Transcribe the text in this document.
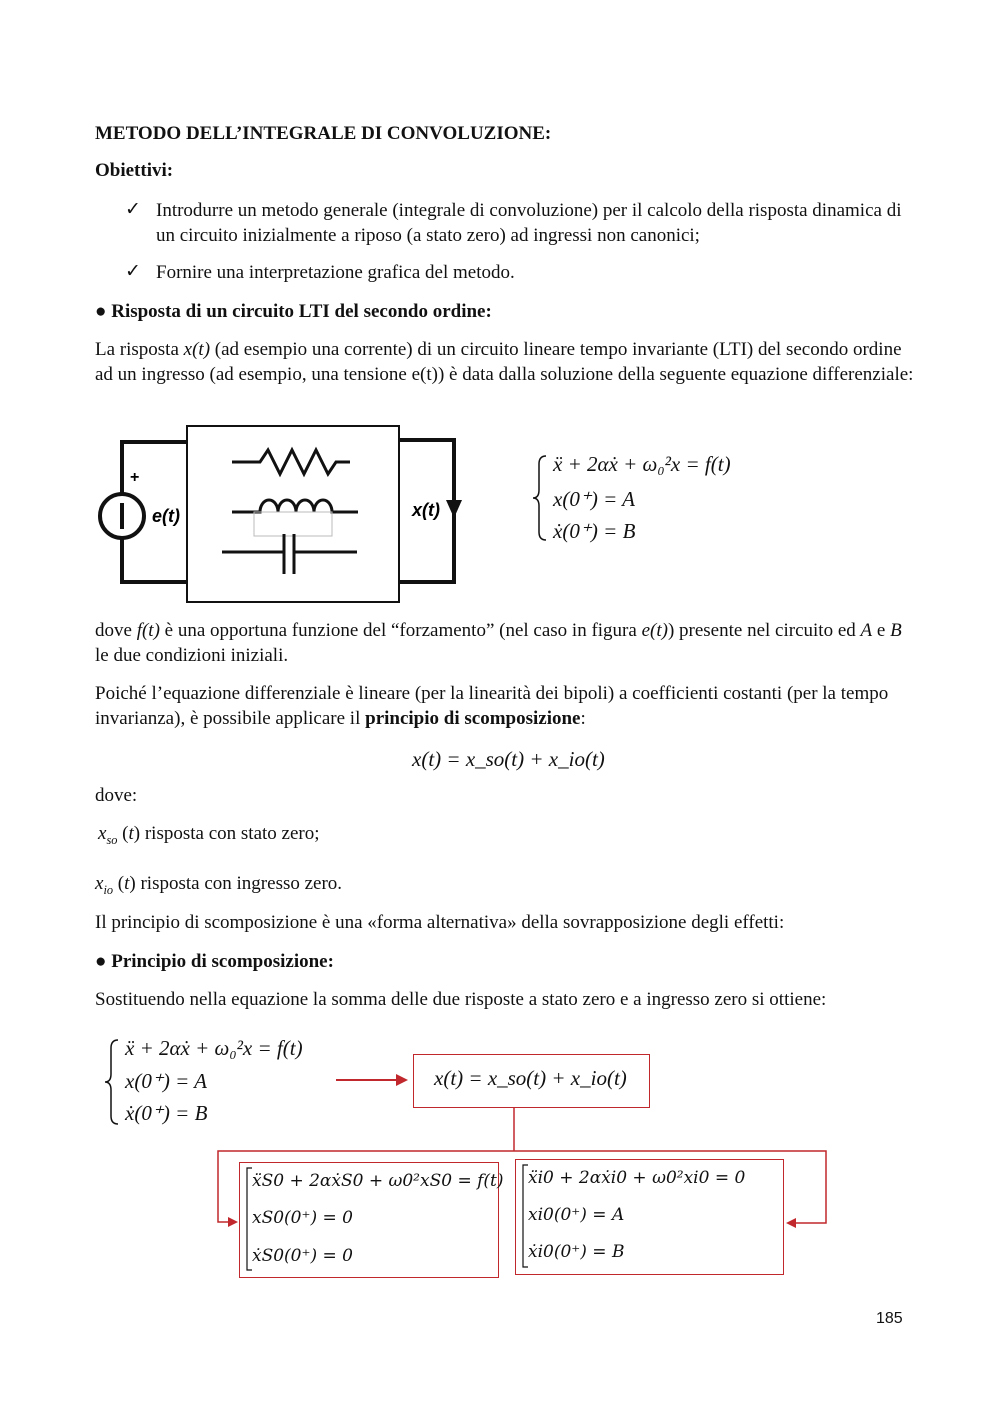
METODO DELL’INTEGRALE DI CONVOLUZIONE:
Obiettivi:
✓ Introdurre un metodo generale (integrale di convoluzione) per il calcolo della risposta dinamica di un circuito inizialmente a riposo (a stato zero) ad ingressi non canonici;
✓ Fornire una interpretazione grafica del metodo.
● Risposta di un circuito LTI del secondo ordine:
La risposta x(t) (ad esempio una corrente) di un circuito lineare tempo invariante (LTI) del secondo ordine ad un ingresso (ad esempio, una tensione e(t)) è data dalla soluzione della seguente equazione differenziale:
+
e(t)	x(t)
ẍ + 2αẋ + ω₀²x = f(t)
x(0⁺) = A
ẋ(0⁺) = B
dove f(t) è una opportuna funzione del “forzamento” (nel caso in figura e(t)) presente nel circuito ed A e B le due condizioni iniziali.
Poiché l’equazione differenziale è lineare (per la linearità dei bipoli) a coefficienti costanti (per la tempo invarianza), è possibile applicare il principio di scomposizione:
x(t) = x_so(t) + x_io(t)
dove:
$x_{so}$ (t) risposta con stato zero;
$x_{io}$ (t) risposta con ingresso zero.
Il principio di scomposizione è una «forma alternativa» della sovrapposizione degli effetti:
● Principio di scomposizione:
Sostituendo nella equazione la somma delle due risposte a stato zero e a ingresso zero si ottiene:
ẍ + 2αẋ + ω₀²x = f(t)
x(0⁺) = A
ẋ(0⁺) = B
x(t) = x_so(t) + x_io(t)
ẍS0 + 2αẋS0 + ω0²xS0 = f(t)
xS0(0⁺) = 0
ẋS0(0⁺) = 0
ẍi0 + 2αẋi0 + ω0²xi0 = 0
xi0(0⁺) = A
ẋi0(0⁺) = B
185
